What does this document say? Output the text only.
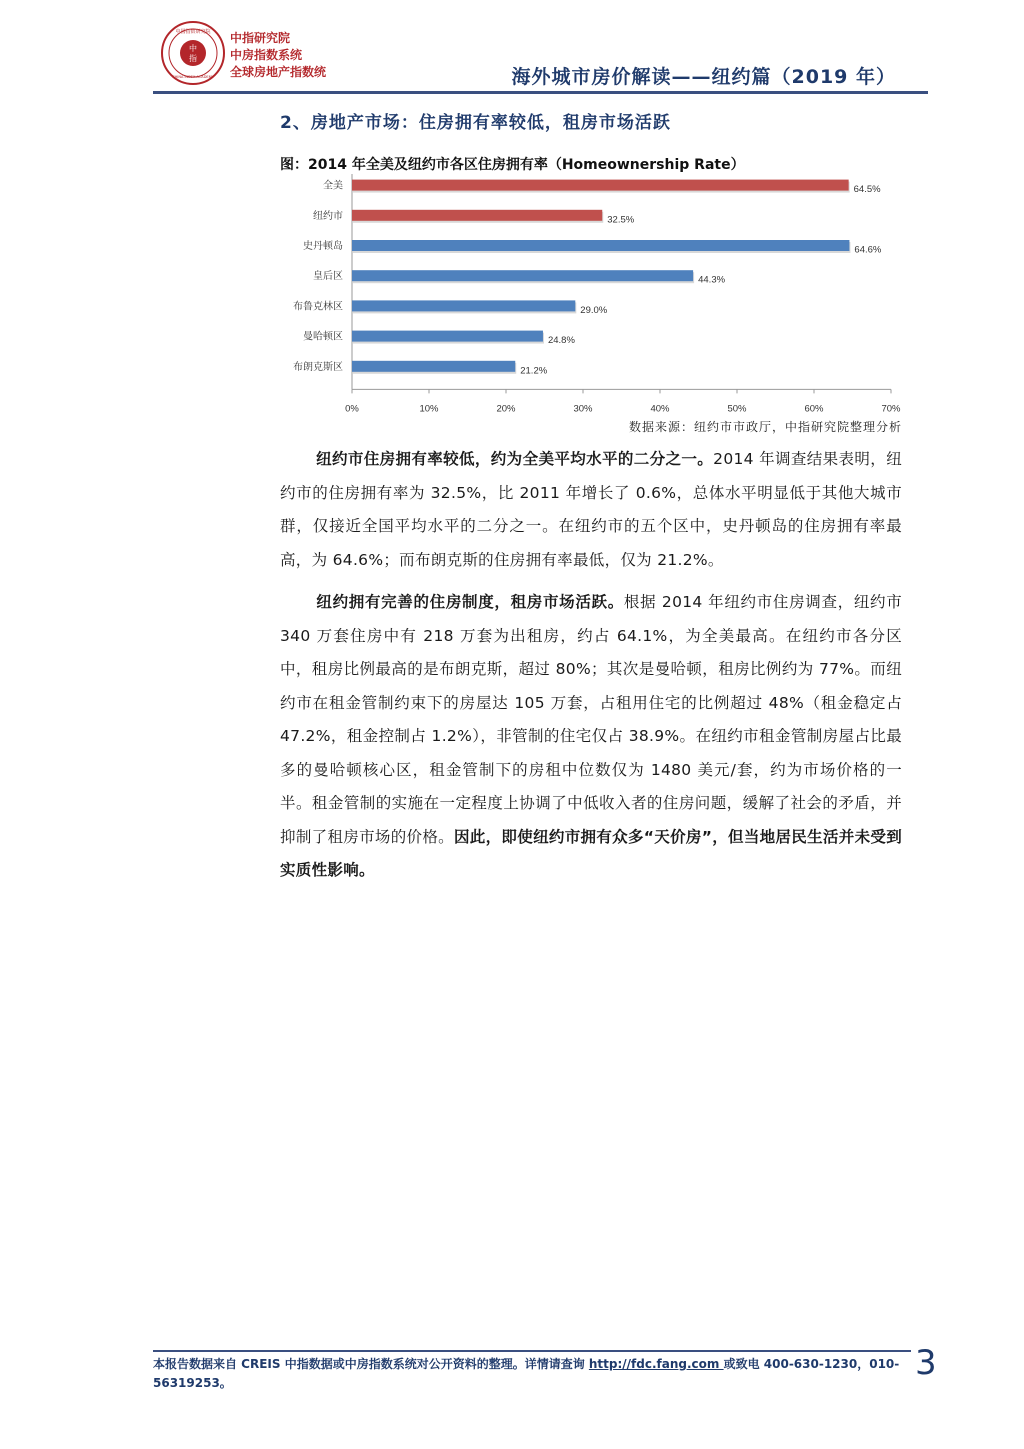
中
指
中国指数研究院
CHINA INDEX ACADEMY
中指研究院
中房指数系统
全球房地产指数统	海外城市房价解读——纽约篇（2019 年）
2、房地产市场：住房拥有率较低，租房市场活跃
图：2014 年全美及纽约市各区住房拥有率（Homeownership Rate）
0%	10%	20%	30%	40%	50%	60%	70%
全美	64.5%
纽约市	32.5%
史丹顿岛	64.6%
皇后区	44.3%
布鲁克林区	29.0%
曼哈顿区	24.8%
布朗克斯区	21.2%
数据来源：纽约市市政厅，中指研究院整理分析
纽约市住房拥有率较低，约为全美平均水平的二分之一。2014 年调查结果表明，纽约市的住房拥有率为 32.5%，比 2011 年增长了 0.6%，总体水平明显低于其他大城市群，仅接近全国平均水平的二分之一。在纽约市的五个区中，史丹顿岛的住房拥有率最高，为 64.6%；而布朗克斯的住房拥有率最低，仅为 21.2%。
纽约拥有完善的住房制度，租房市场活跃。根据 2014 年纽约市住房调查，纽约市 340 万套住房中有 218 万套为出租房，约占 64.1%，为全美最高。在纽约市各分区中，租房比例最高的是布朗克斯，超过 80%；其次是曼哈顿，租房比例约为 77%。而纽约市在租金管制约束下的房屋达 105 万套，占租用住宅的比例超过 48%（租金稳定占 47.2%，租金控制占 1.2%），非管制的住宅仅占 38.9%。在纽约市租金管制房屋占比最多的曼哈顿核心区，租金管制下的房租中位数仅为 1480 美元/套，约为市场价格的一半。租金管制的实施在一定程度上协调了中低收入者的住房问题，缓解了社会的矛盾，并抑制了租房市场的价格。因此，即使纽约市拥有众多“天价房”，但当地居民生活并未受到实质性影响。
本报告数据来自 CREIS 中指数据或中房指数系统对公开资料的整理。详情请查询 http://fdc.fang.com 或致电 400-630-1230，010-56319253。	3
